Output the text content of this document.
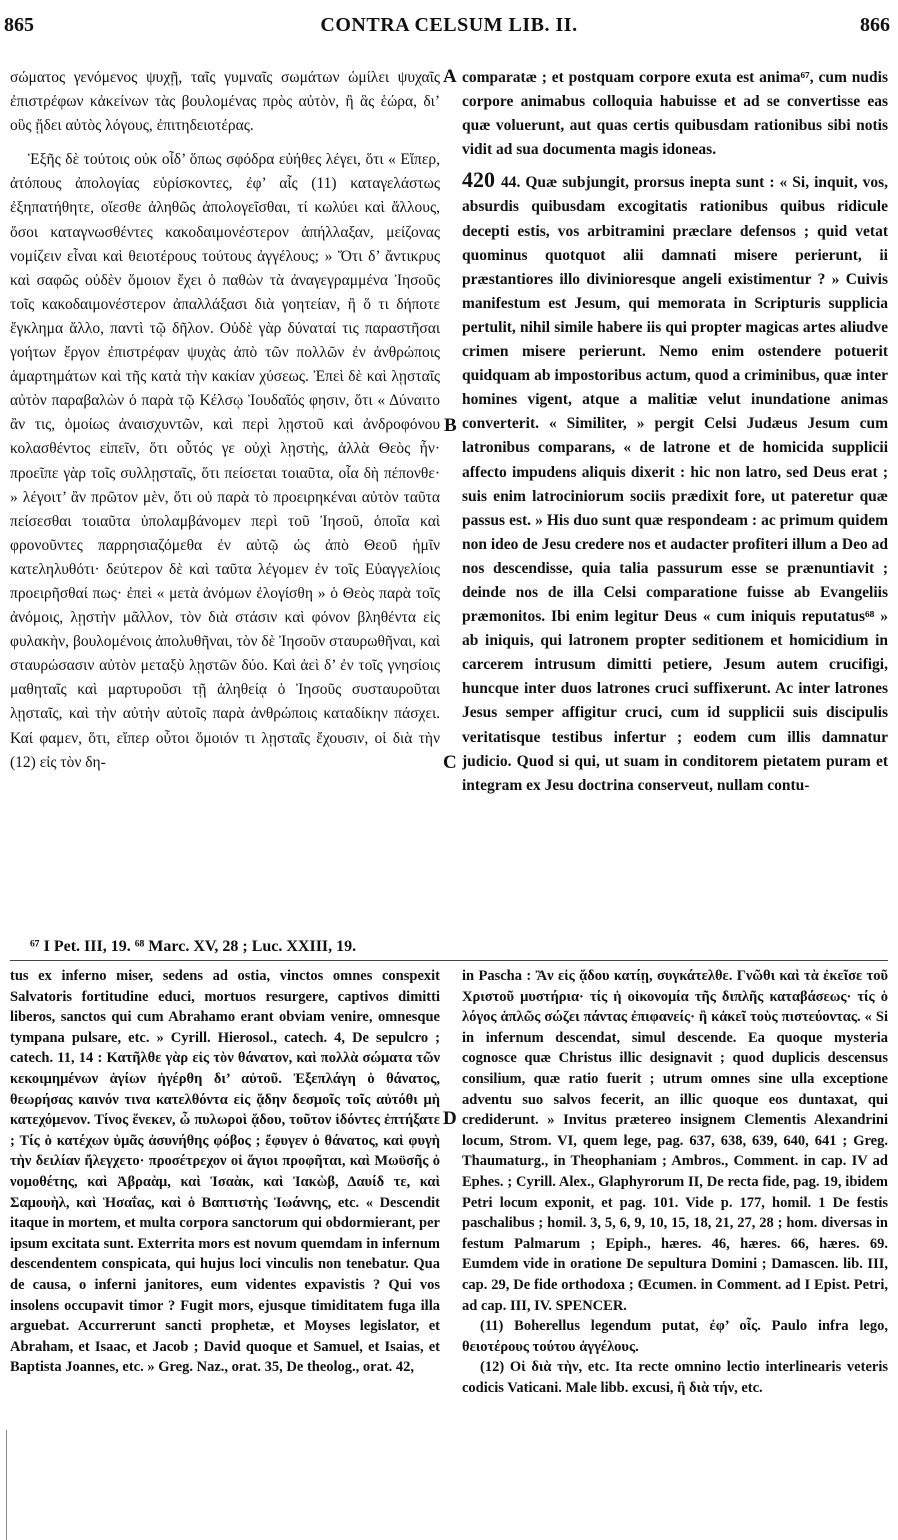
865	CONTRA CELSUM LIB. II.	866

σώματος γενόμενος ψυχῇ, ταῖς γυμναῖς σωμάτων ὡμίλει ψυχαῖς ἐπιστρέφων κἀκείνων τὰς βουλομένας πρὸς αὐτὸν, ἢ ἃς ἑώρα, δι’ οὓς ᾔδει αὐτὸς λόγους, ἐπιτηδειοτέρας.

Ἑξῆς δὲ τούτοις οὐκ οἶδ’ ὅπως σφόδρα εὐήθες λέγει, ὅτι « Εἴπερ, ἀτόπους ἀπολογίας εὑρίσκοντες, ἐφ’ αἷς (11) καταγελάστως ἐξηπατήθητε, οἴεσθε ἀληθῶς ἀπολογεῖσθαι, τί κωλύει καὶ ἄλλους, ὅσοι καταγνωσθέντες κακοδαιμονέστερον ἀπήλλαξαν, μείζονας νομίζειν εἶναι καὶ θειοτέρους τούτους ἀγγέλους; » Ὅτι δ’ ἄντικρυς καὶ σαφῶς οὐδὲν ὅμοιον ἔχει ὁ παθὼν τὰ ἀναγεγραμμένα Ἰησοῦς τοῖς κακοδαιμονέστερον ἀπαλλάξασι διὰ γοητείαν, ἢ ὅ τι δήποτε ἔγκλημα ἄλλο, παντὶ τῷ δῆλον. Οὐδὲ γὰρ δύναταί τις παραστῆσαι γοήτων ἔργον ἐπιστρέφαν ψυχὰς ἀπὸ τῶν πολλῶν ἐν ἀνθρώποις ἁμαρτημάτων καὶ τῆς κατὰ τὴν κακίαν χύσεως. Ἐπεὶ δὲ καὶ λῃσταῖς αὐτὸν παραβαλὼν ὁ παρὰ τῷ Κέλσῳ Ἰουδαῖός φησιν, ὅτι « Δύναιτο ἂν τις, ὁμοίως ἀναισχυντῶν, καὶ περὶ λῃστοῦ καὶ ἀνδροφόνου κολασθέντος εἰπεῖν, ὅτι οὗτός γε οὐχὶ λῃστὴς, ἀλλὰ Θεὸς ἦν· προεῖπε γὰρ τοῖς συλλῃσταῖς, ὅτι πείσεται τοιαῦτα, οἷα δὴ πέπονθε· » λέγοιτ’ ἂν πρῶτον μὲν, ὅτι οὐ παρὰ τὸ προειρηκέναι αὐτὸν ταῦτα πείσεσθαι τοιαῦτα ὑπολαμβάνομεν περὶ τοῦ Ἰησοῦ, ὁποῖα καὶ φρονοῦντες παρρησιαζόμεθα ἐν αὐτῷ ὡς ἀπὸ Θεοῦ ἡμῖν κατεληλυθότι· δεύτερον δὲ καὶ ταῦτα λέγομεν ἐν τοῖς Εὐαγγελίοις προειρῆσθαί πως· ἐπεὶ « μετὰ ἀνόμων ἐλογίσθη » ὁ Θεὸς παρὰ τοῖς ἀνόμοις, λῃστὴν μᾶλλον, τὸν διὰ στάσιν καὶ φόνον βληθέντα εἰς φυλακὴν, βουλομένοις ἀπολυθῆναι, τὸν δὲ Ἰησοῦν σταυρωθῆναι, καὶ σταυρώσασιν αὐτὸν μεταξὺ λῃστῶν δύο. Καὶ ἀεὶ δ’ ἐν τοῖς γνησίοις μαθηταῖς καὶ μαρτυροῦσι τῇ ἀληθείᾳ ὁ Ἰησοῦς συσταυροῦται λῃσταῖς, καὶ τὴν αὐτὴν αὐτοῖς παρὰ ἀνθρώποις καταδίκην πάσχει. Καί φαμεν, ὅτι, εἴπερ οὗτοι ὅμοιόν τι λῃσταῖς ἔχουσιν, οἱ διὰ τὴν (12) εἰς τὸν δη-

A
B
C
D

comparatæ ; et postquam corpore exuta est anima⁶⁷, cum nudis corpore animabus colloquia habuisse et ad se convertisse eas quæ voluerunt, aut quas certis quibusdam rationibus sibi notis vidit ad sua documenta magis idoneas.

420 44. Quæ subjungit, prorsus inepta sunt : « Si, inquit, vos, absurdis quibusdam excogitatis rationibus quibus ridicule decepti estis, vos arbitramini præclare defensos ; quid vetat quominus quotquot alii damnati misere perierunt, ii præstantiores illo divinioresque angeli existimentur ? » Cuivis manifestum est Jesum, qui memorata in Scripturis supplicia pertulit, nihil simile habere iis qui propter magicas artes aliudve crimen misere perierunt. Nemo enim ostendere potuerit quidquam ab impostoribus actum, quod a criminibus, quæ inter homines vigent, atque a malitiæ velut inundatione animas converterit. « Similiter, » pergit Celsi Judæus Jesum cum latronibus comparans, « de latrone et de homicida supplicii affecto impudens aliquis dixerit : hic non latro, sed Deus erat ; suis enim latrociniorum sociis prædixit fore, ut pateretur quæ passus est. » His duo sunt quæ respondeam : ac primum quidem non ideo de Jesu credere nos et audacter profiteri illum a Deo ad nos descendisse, quia talia passurum esse se prænuntiavit ; deinde nos de illa Celsi comparatione fuisse ab Evangeliis præmonitos. Ibi enim legitur Deus « cum iniquis reputatus⁶⁸ » ab iniquis, qui latronem propter seditionem et homicidium in carcerem intrusum dimitti petiere, Jesum autem crucifigi, huncque inter duos latrones cruci suffixerunt. Ac inter latrones Jesus semper affigitur cruci, cum id supplicii suis discipulis veritatisque testibus infertur ; eodem cum illis damnatur judicio. Quod si qui, ut suam in conditorem pietatem puram et integram ex Jesu doctrina conserveut, nullam contu-

⁶⁷ I Pet. III, 19. ⁶⁸ Marc. XV, 28 ; Luc. XXIII, 19.

tus ex inferno miser, sedens ad ostia, vinctos omnes conspexit Salvatoris fortitudine educi, mortuos resurgere, captivos dimitti liberos, sanctos qui cum Abrahamo erant obviam venire, omnesque tympana pulsare, etc. » Cyrill. Hierosol., catech. 4, De sepulcro ; catech. 11, 14 : Κατῆλθε γὰρ εἰς τὸν θάνατον, καὶ πολλὰ σώματα τῶν κεκοιμημένων ἁγίων ἠγέρθη δι’ αὐτοῦ. Ἐξεπλάγη ὁ θάνατος, θεωρήσας καινόν τινα κατελθόντα εἰς ᾅδην δεσμοῖς τοῖς αὐτόθι μὴ κατεχόμενον. Τίνος ἕνεκεν, ὦ πυλωροὶ ᾅδου, τοῦτον ἰδόντες ἐπτήξατε ; Τίς ὁ κατέχων ὑμᾶς ἀσυνήθης φόβος ; ἔφυγεν ὁ θάνατος, καὶ φυγὴ τὴν δειλίαν ἤλεγχετο· προσέτρεχον οἱ ἅγιοι προφῆται, καὶ Μωϋσῆς ὁ νομοθέτης, καὶ Ἀβραὰμ, καὶ Ἰσαὰκ, καὶ Ἰακὼβ, Δαυίδ τε, καὶ Σαμουὴλ, καὶ Ἡσαΐας, καὶ ὁ Βαπτιστὴς Ἰωάννης, etc. « Descendit itaque in mortem, et multa corpora sanctorum qui obdormierant, per ipsum excitata sunt. Exterrita mors est novum quemdam in infernum descendentem conspicata, qui hujus loci vinculis non tenebatur. Qua de causa, o inferni janitores, eum videntes expavistis ? Qui vos insolens occupavit timor ? Fugit mors, ejusque timiditatem fuga illa arguebat. Accurrerunt sancti prophetæ, et Moyses legislator, et Abraham, et Isaac, et Jacob ; David quoque et Samuel, et Isaias, et Baptista Joannes, etc. » Greg. Naz., orat. 35, De theolog., orat. 42,

in Pascha : Ἂν εἰς ᾅδου κατίῃ, συγκάτελθε. Γνῶθι καὶ τὰ ἐκεῖσε τοῦ Χριστοῦ μυστήρια· τίς ἡ οἰκονομία τῆς διπλῆς καταβάσεως· τίς ὁ λόγος ἁπλῶς σώζει πάντας ἐπιφανείς· ἢ κἀκεῖ τοὺς πιστεύοντας. « Si in infernum descendat, simul descende. Ea quoque mysteria cognosce quæ Christus illic designavit ; quod duplicis descensus consilium, quæ ratio fuerit ; utrum omnes sine ulla exceptione adventu suo salvos fecerit, an illic quoque eos duntaxat, qui crediderunt. » Invitus prætereo insignem Clementis Alexandrini locum, Strom. VI, quem lege, pag. 637, 638, 639, 640, 641 ; Greg. Thaumaturg., in Theophaniam ; Ambros., Comment. in cap. IV ad Ephes. ; Cyrill. Alex., Glaphyrorum II, De recta fide, pag. 19, ibidem Petri locum exponit, et pag. 101. Vide p. 177, homil. 1 De festis paschalibus ; homil. 3, 5, 6, 9, 10, 15, 18, 21, 27, 28 ; hom. diversas in festum Palmarum ; Epiph., hæres. 46, hæres. 66, hæres. 69. Eumdem vide in oratione De sepultura Domini ; Damascen. lib. III, cap. 29, De fide orthodoxa ; Œcumen. in Comment. ad I Epist. Petri, ad cap. III, IV. SPENCER.

(11) Boherellus legendum putat, ἐφ’ οἷς. Paulo infra lego, θειοτέρους τούτου ἀγγέλους.

(12) Οἱ διὰ τὴν, etc. Ita recte omnino lectio interlinearis veteris codicis Vaticani. Male libb. excusi, ἢ διὰ τήν, etc.
